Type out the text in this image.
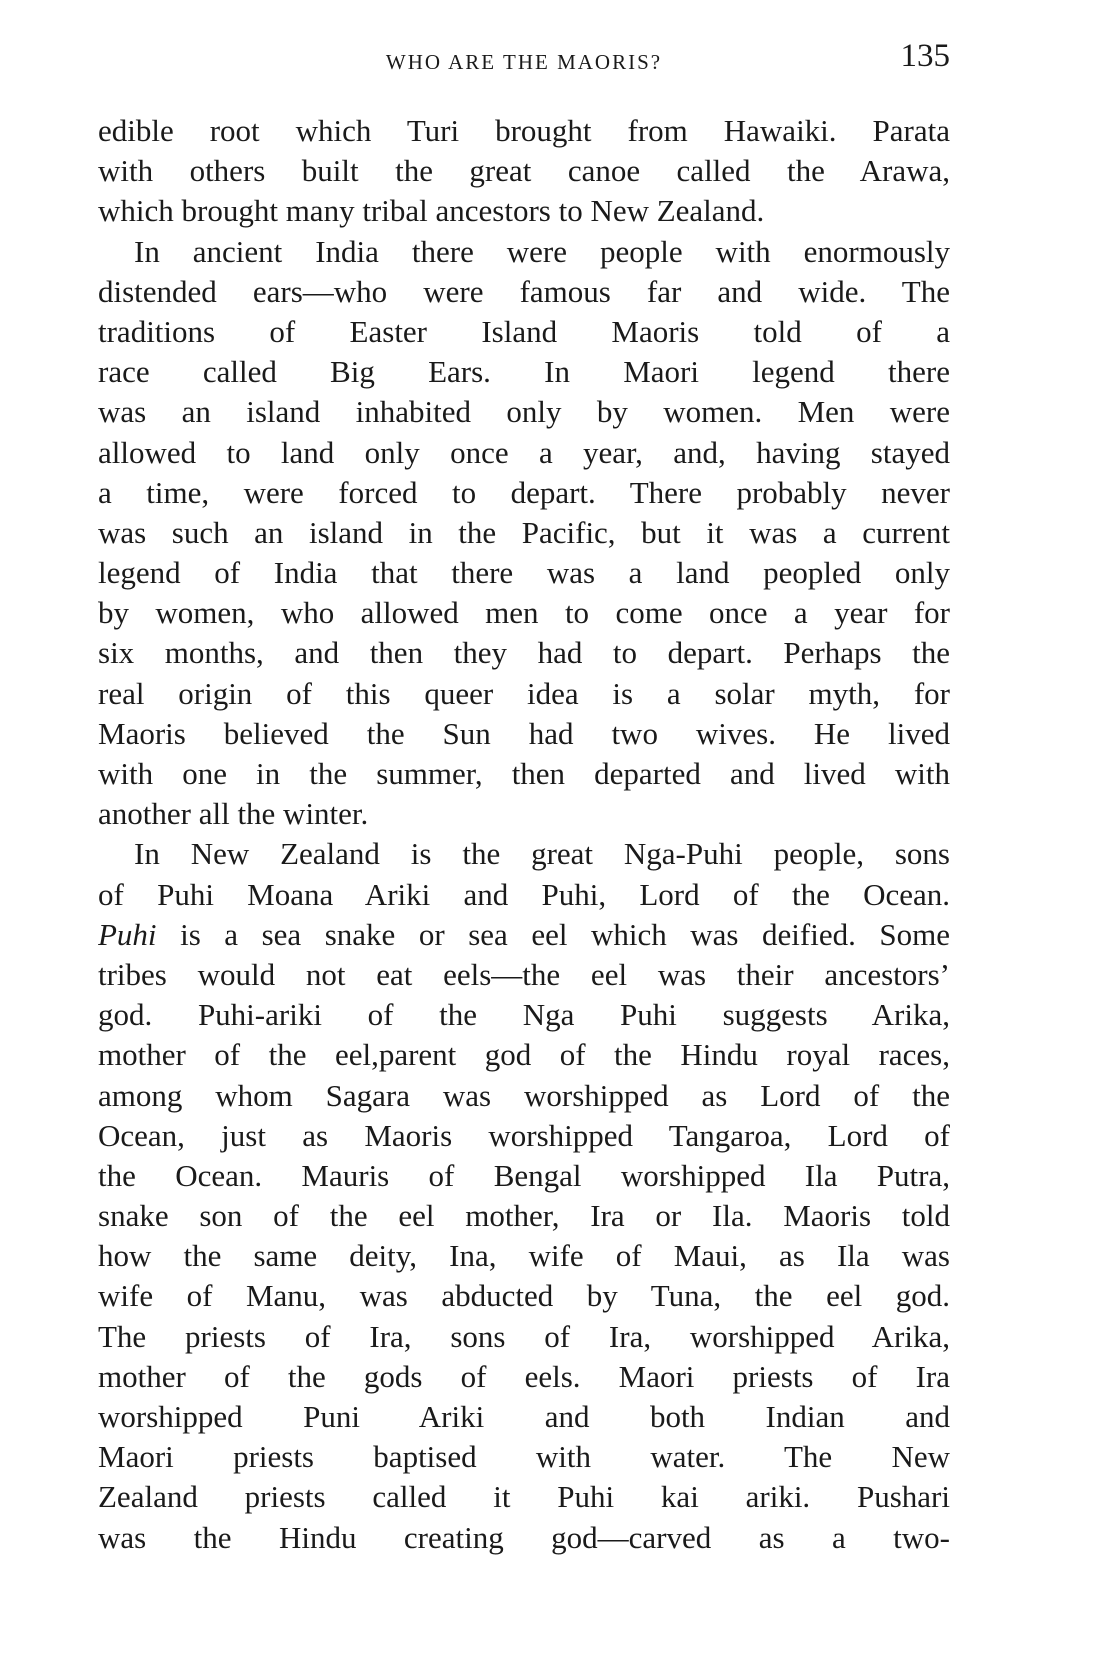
WHO ARE THE MAORIS?	135
edible root which Turi brought from Hawaiki. Parata
with others built the great canoe called the Arawa,
which brought many tribal ancestors to New Zealand.
In ancient India there were people with enormously
distended ears—who were famous far and wide. The
traditions of Easter Island Maoris told of a
race called Big Ears. In Maori legend there
was an island inhabited only by women. Men were
allowed to land only once a year, and, having stayed
a time, were forced to depart. There probably never
was such an island in the Pacific, but it was a current
legend of India that there was a land peopled only
by women, who allowed men to come once a year for
six months, and then they had to depart. Perhaps the
real origin of this queer idea is a solar myth, for
Maoris believed the Sun had two wives. He lived
with one in the summer, then departed and lived with
another all the winter.
In New Zealand is the great Nga-Puhi people, sons
of Puhi Moana Ariki and Puhi, Lord of the Ocean.
Puhi is a sea snake or sea eel which was deified. Some
tribes would not eat eels—the eel was their ancestors’
god. Puhi-ariki of the Nga Puhi suggests Arika,
mother of the eel,parent god of the Hindu royal races,
among whom Sagara was worshipped as Lord of the
Ocean, just as Maoris worshipped Tangaroa, Lord of
the Ocean. Mauris of Bengal worshipped Ila Putra,
snake son of the eel mother, Ira or Ila. Maoris told
how the same deity, Ina, wife of Maui, as Ila was
wife of Manu, was abducted by Tuna, the eel god.
The priests of Ira, sons of Ira, worshipped Arika,
mother of the gods of eels. Maori priests of Ira
worshipped Puni Ariki and both Indian and
Maori priests baptised with water. The New
Zealand priests called it Puhi kai ariki. Pushari
was the Hindu creating god—carved as a two-
